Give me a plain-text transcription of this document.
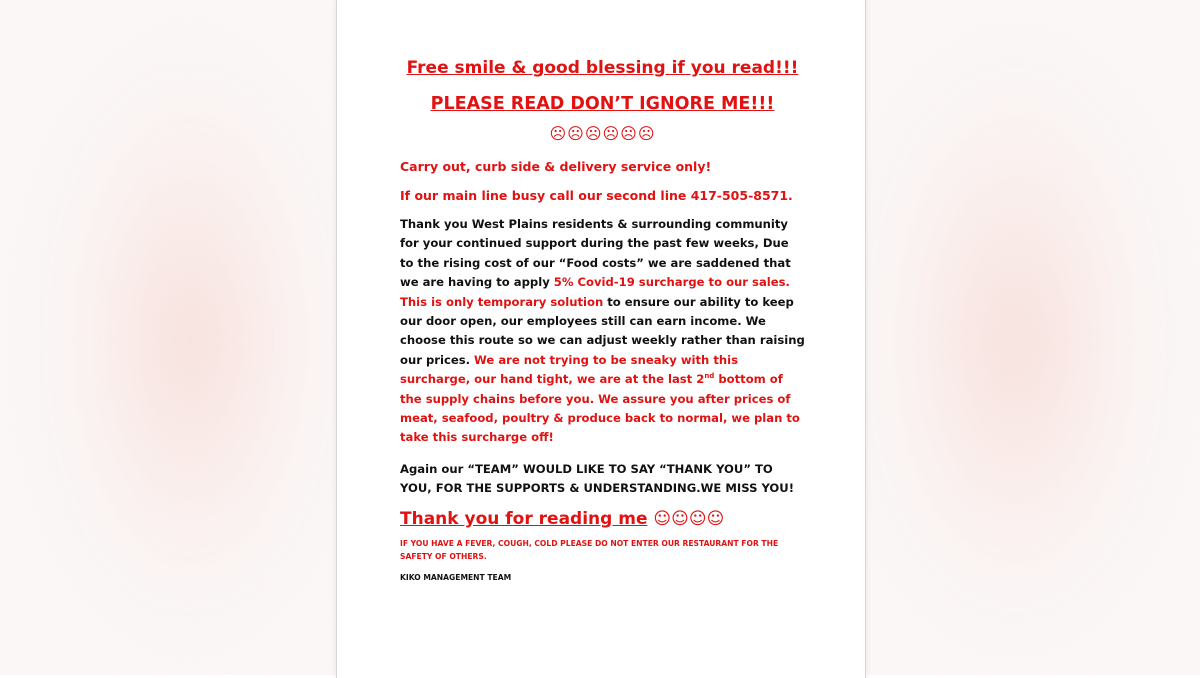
Free smile & good blessing if you read!!!

PLEASE READ DON’T IGNORE ME!!!

☹☹☹☹☹☹
Carry out, curb side & delivery service only!
If our main line busy call our second line 417-505-8571.
Thank you West Plains residents & surrounding community for your continued support during the past few weeks, Due to the rising cost of our “Food costs” we are saddened that we are having to apply 5% Covid-19 surcharge to our sales. This is only temporary solution to ensure our ability to keep our door open, our employees still can earn income. We choose this route so we can adjust weekly rather than raising our prices. We are not trying to be sneaky with this surcharge, our hand tight, we are at the last 2nd bottom of the supply chains before you. We assure you after prices of meat, seafood, poultry & produce back to normal, we plan to take this surcharge off!
Again our “TEAM” WOULD LIKE TO SAY “THANK YOU” TO YOU, FOR THE SUPPORTS & UNDERSTANDING.WE MISS YOU!
Thank you for reading me ☺☺☺☺
IF YOU HAVE A FEVER, COUGH, COLD PLEASE DO NOT ENTER OUR RESTAURANT FOR THE SAFETY OF OTHERS.
KIKO MANAGEMENT TEAM
